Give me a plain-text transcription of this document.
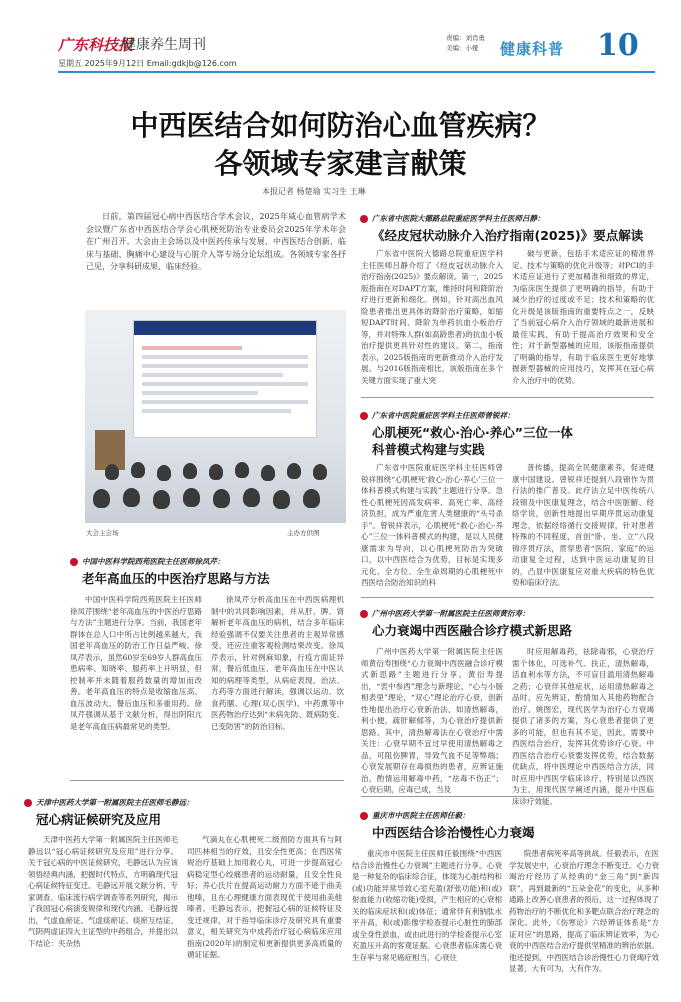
广东科技报
健康养生周刊
星期五 2025年9月12日 Email:gdkjb@126.com
责编：刘肖勇
美编：小娅	健康科普 10
中西医结合如何防治心血管疾病？
各领域专家建言献策
本报记者 杨楚瑜 实习生 王琳
日前，第四届冠心病中西医结合学术会议，2025年威心血管病学术会议暨广东省中西医结合学会心肌梗死防治专业委员会2025年学术年会在广州召开。大会由主会场以及中医药传承与发展、中西医结合创新、临床与基础、胸痛中心建设与心脏介入等专场分论坛组成。各领域专家各抒己见，分享科研成果、临床经验。
大会主会场	主办方供图
广东省中医院大德路总院重症医学科主任医师吕静：
《经皮冠状动脉介入治疗指南(2025)》要点解读

广东省中医院大德路总院重症医学科主任医师吕静介绍了《经皮冠状动脉介入治疗指南(2025)》要点解读。第一，2025版指南在对DAPT方案，维持时间和降阶治疗进行更新和细化。例如，针对高出血风险患者推出更具体的降阶治疗策略，如缩短DAPT时间、降阶为单药抗血小板治疗等，并对特殊人群(如高龄患者)的抗血小板治疗提供更具针对性的建议。第二，指南表示，2025版指南的更新推动介入治疗发展。与2016版指南相比，该版指南在多个关键方面实现了重大突

破与更新，包括手术适应证的精准界定、技术与策略的优化升级等；对PCI的手术适应证进行了更加精准和细致的界定，为临床医生提供了更明确的指导，有助于减少治疗的过度或不足；技术和策略的优化升级是该版指南的重要特点之一，反映了当前冠心病介入治疗领域的最新进展和最佳实践，有助于提高治疗效果和安全性；对于新型器械的应用，该版指南提供了明确的指导，有助于临床医生更好地掌握新型器械的应用技巧，发挥其在冠心病介入治疗中的优势。

广东省中医院重症医学科主任医师曾锐祥：
心肌梗死“救心·治心·养心”三位一体
科普模式构建与实践

广东省中医院重症医学科主任医师曾锐祥围绕“心肌梗死‘救心·治心·养心’三位一体科普模式构建与实践”主题进行分享。急性心肌梗死因高发病率、高死亡率、高经济负担，成为严重危害人类健康的“头号杀手”。曾锐祥表示，心肌梗死“救心·治心·养心”三位一体科普模式的构建，是以人民健康需求为导向，以心肌梗死防治为突破口，以中西医结合为优势，目标是实现多元化、全方位、全生命周期的心肌梗死中西医结合防治知识的科

普传播，提高全民健康素养，促进健康中国建设。曾锐祥还提到八段锦作为贯行法的推广普及。此疗法立足中医传统八段锦及中医康复理念，结合中医脏腑、经络学说，创新性地提出早期序贯运动康复理念，依据经络循行交接规律，针对患者特殊的不同程度，首创“卧、坐、立”八段锦序贯疗法，贯穿患者“医院、家庭”的运动康复全过程，达到中医运动康复的目的，凸显中医康复应对重大疾病的特色优势和临床疗法。

中国中医科学院西苑医院主任医师徐凤芹：
老年高血压的中医治疗思路与方法

中国中医科学院西苑医院主任医师徐凤芹围绕“老年高血压的中医治疗思路与方法”主题进行分享。当前，我国老年群体在总人口中所占比例越来越大，我国老年高血压的防治工作日益严峻。徐凤芹表示，虽然60岁至69岁人群高血压患病率、知晓率、服药率上升明显，但控制率并未随着服药数量的增加而改善。老年高血压的特点是收缩血压高、血压波动大、餐后血压和多重用药。徐凤芹强调从基于文献分析，得出阴阳亢是老年高血压病最常见的类型。

徐凤芹分析高血压在中西医病理机制中的共同影响因素，并从肝、脾、肾解析老年高血压的病机，结合多年临床经验强调不仅要关注患者的主观异常感受，还应注重客观检测结果改变。徐凤芹表示，针对例麻知象，行疫方面证异常，餐后低血压、老年高血压在中医认知的病理等类型，从病症表现、治法、方药等方面进行解读，强调以运动、饮食药膳、心理(双心医学)、中药熏等中医药物治疗达到“未病先防、既病防变、已变防害”的防治目标。

广州中医药大学第一附属医院主任医师黄衍寿：
心力衰竭中西医融合诊疗模式新思路

广州中医药大学第一附属医院主任医师黄衍寿围绕“心力衰竭中西医融合诊疗模式新思路”主题进行分享。黄衍寿提出，“衷中参西”理念与新理论，“心与小肠相表里”理论，“双心”理论治疗心衰，创新性地提出治疗心衰新治法，如清热解毒，利小便，疏肝解郁等，为心衰治疗提供新思路。其中，清热解毒法在心衰治疗中需关注：心衰早期不宜过早使用清热解毒之品，可阻伤脾胃，导致气血不足等弊端；心衰发展期存在毒损热的患者，应辨证施治，酌情运用解毒中药，“祛毒不伤正”；心衰后期，应毒已成，当及

时应用解毒药，祛除毒邪，心衰治疗需个体化，可选补气、扶正，清热解毒，活血利水等方法，不可盲目滥用清热解毒之药；心衰伴其他症状，运用清热解毒之品时，应先辨证，酌情加入其他药物配合治疗。姚图宏，现代医学为治疗心力衰竭提供了诸多的方案，为心衰患者提供了更多的可能，但也有其不足，因此，需要中西医结合治疗，发挥其优势诊疗心衰。中西医结合治疗心衰要发挥优势，结合数据优缺点，将中医理论中西医结合方法，同时应用中西医学临床诊疗，特别是以西医为主，用现代医学阐述内涵，提升中医临床诊疗效能。

天津中医药大学第一附属医院主任医师毛静远：
冠心病证候研究及应用

天津中医药大学第一附属医院主任医师毛静远以“冠心病证候研究及应用”进行分享。关于冠心病的中医证候研究，毛静远认为应该领悟经典内涵，把握时代特点，方明确现代冠心病证候特征变迁。毛静远开展文献分析、专家调查、临床流行病学调查等系列研究，揭示了我国冠心病演变规律和现代内涵。毛静远提出，气虚血瘀证、气虚痰瘀证、痰瘀互结证、气阴两虚证四大主证型的中药组合，并提出以下结论：夹杂热

气滴丸在心肌梗死二级预防方面具有与阿司匹林相当的疗效，且安全性更高；在西医常规治疗基础上加用救心丸，可进一步提高冠心病稳定型心绞痛患者的运动耐量，且安全性良好；养心氏片在提高运动耐力方面不逊于曲美他嗪，且在心理健康方面表现优于使用曲美他嗪者。毛静远表示，把握冠心病的证候特征及变迁规律，对于指导临床诊疗及研究具有重要意义，相关研究为中成药治疗冠心病临床应用指南(2020年)的制定和更新提供更多高质量的循证证据。

重庆市中医院主任医师任毅：
中西医结合诊治慢性心力衰竭

重庆市中医院主任医师任毅围绕“中西医结合诊治慢性心力衰竭”主题进行分享。心衰是一种复杂的临床综合征，体现为心脏结构和(或)功能异常导致心室充盈(舒张功能)和(或)射血能力(收缩功能)受损，产生相应的心衰相关的临床症状和(或)体征；通常伴有利钠肽水平升高，和(或)影像学检查提示心脏性的肺部或全身性淤血，或由此进行的学检查提示心室充盈压升高的客观证据。心衰患者临床需心衰生存率与常见癌症相当，心衰住

院患者病死率高等挑战。任毅表示，在医学发展史中，心衰治疗理念不断变迁。心力衰竭治疗经历了从经典的“金三角”到“新四联”，再到最新的“五朵金花”的变化，从多种通路上改善心衰患者的预后，这一过程体现了药物治疗的不断优化和多靶点联合治疗理念的深化。此外，《伤寒论》六经辨证体系是“方证对应”的思路，提高了临床辨证效率，为心衰的中西医结合治疗提供坚精准的辨治依据。他还提到，中西医结合诊治慢性心力衰竭疗效显著，大有可为，大有作为。
